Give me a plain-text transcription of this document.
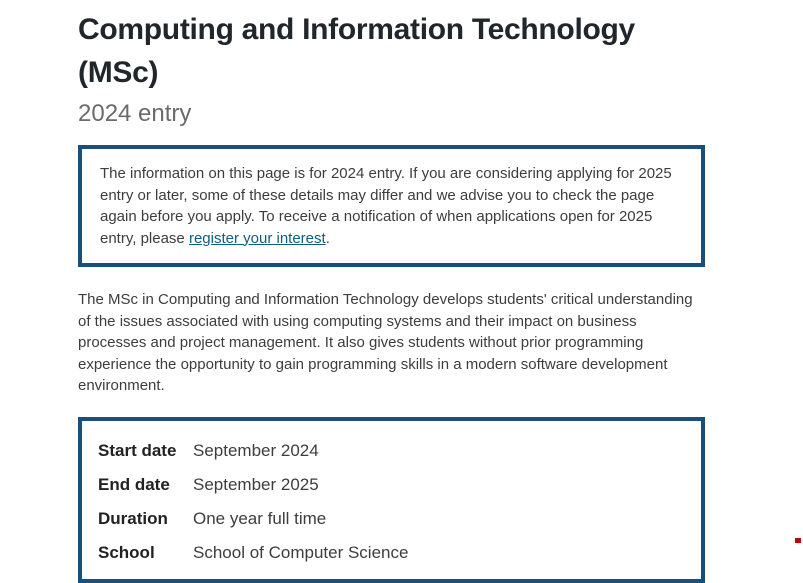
Computing and Information Technology
(MSc)
2024 entry
The information on this page is for 2024 entry. If you are considering applying for 2025 entry or later, some of these details may differ and we advise you to check the page again before you apply. To receive a notification of when applications open for 2025 entry, please register your interest.

The MSc in Computing and Information Technology develops students' critical understanding of the issues associated with using computing systems and their impact on business processes and project management. It also gives students without prior programming experience the opportunity to gain programming skills in a modern software development environment.

Start date September 2024
End date	September 2025
Duration	One year full time
School	School of Computer Science
